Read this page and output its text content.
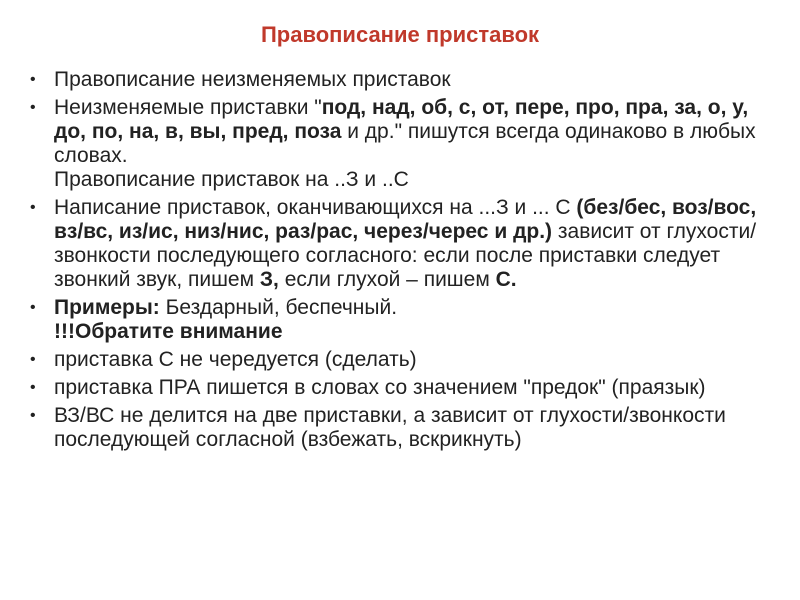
Правописание приставок
•
Правописание неизменяемых приставок
•
Неизменяемые приставки "под, над, об, с, от, пере, про, пра, за, о, у, до, по, на, в, вы, пред, поза и др." пишутся всегда одинаково в любых словах.
Правописание приставок на ..З и ..С
•
Написание приставок, оканчивающихся на ...З и ... С (без/бес, воз/вос, вз/вс, из/ис, низ/нис, раз/рас, через/черес и др.) зависит от глухости/звонкости последующего согласного: если после приставки следует звонкий звук, пишем З, если глухой – пишем С.
•
Примеры: Бездарный, беспечный.
!!!Обратите внимание
•
приставка С не чередуется (сделать)
•
приставка ПРА пишется в словах со значением "предок" (праязык)
•
ВЗ/ВС не делится на две приставки, а зависит от глухости/звонкости последующей согласной (взбежать, вскрикнуть)
